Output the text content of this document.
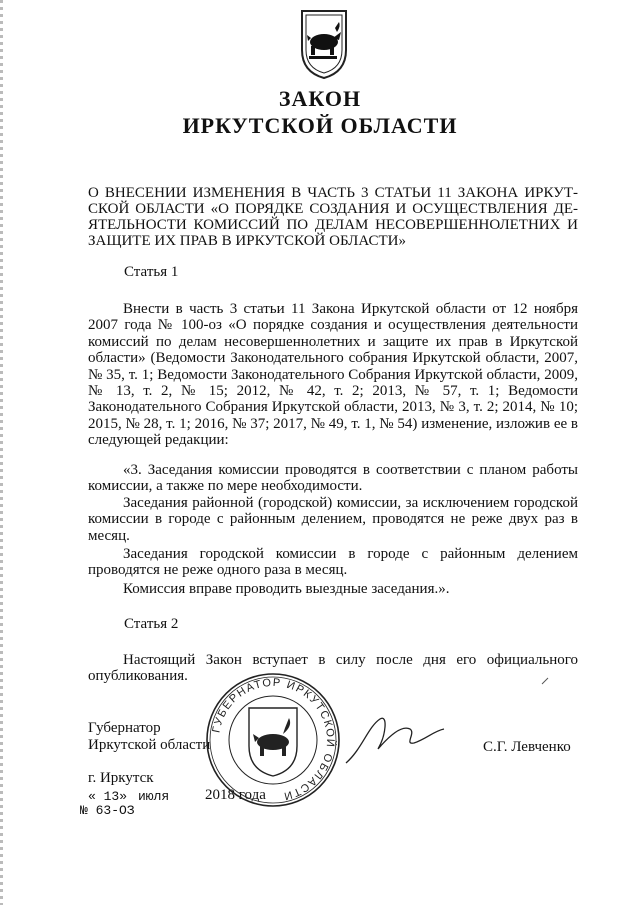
ЗАКОН
ИРКУТСКОЙ ОБЛАСТИ
О ВНЕСЕНИИ ИЗМЕНЕНИЯ В ЧАСТЬ 3 СТАТЬИ 11 ЗАКОНА ИРКУТ-СКОЙ ОБЛАСТИ «О ПОРЯДКЕ СОЗДАНИЯ И ОСУЩЕСТВЛЕНИЯ ДЕ-ЯТЕЛЬНОСТИ КОМИССИЙ ПО ДЕЛАМ НЕСОВЕРШЕННОЛЕТНИХ И ЗАЩИТЕ ИХ ПРАВ В ИРКУТСКОЙ ОБЛАСТИ»
Статья 1
Внести в часть 3 статьи 11 Закона Иркутской области от 12 ноября 2007 года № 100-оз «О порядке создания и осуществления деятельности комиссий по делам несовершеннолетних и защите их прав в Иркутской области» (Ведомости Законодательного собрания Иркутской области, 2007, № 35, т. 1; Ведомости Законодательного Собрания Иркутской области, 2009, № 13, т. 2, № 15; 2012, № 42, т. 2; 2013, № 57, т. 1; Ведомости Законодательного Собрания Иркутской области, 2013, № 3, т. 2; 2014, № 10; 2015, № 28, т. 1; 2016, № 37; 2017, № 49, т. 1, № 54) изменение, изложив ее в следующей редакции:
«3. Заседания комиссии проводятся в соответствии с планом работы комиссии, а также по мере необходимости.
Заседания районной (городской) комиссии, за исключением городской комиссии в городе с районным делением, проводятся не реже двух раз в месяц.
Заседания городской комиссии в городе с районным делением проводятся не реже одного раза в месяц.
Комиссия вправе проводить выездные заседания.».
Статья 2
Настоящий Закон вступает в силу после дня его официального опубликования.
Губернатор
Иркутской области	С.Г. Левченко
г. Иркутск
« 13» июля 2018 года
№ 63-ОЗ
ГУБЕРНАТОР ИРКУТСКОЙ ОБЛАСТИ
